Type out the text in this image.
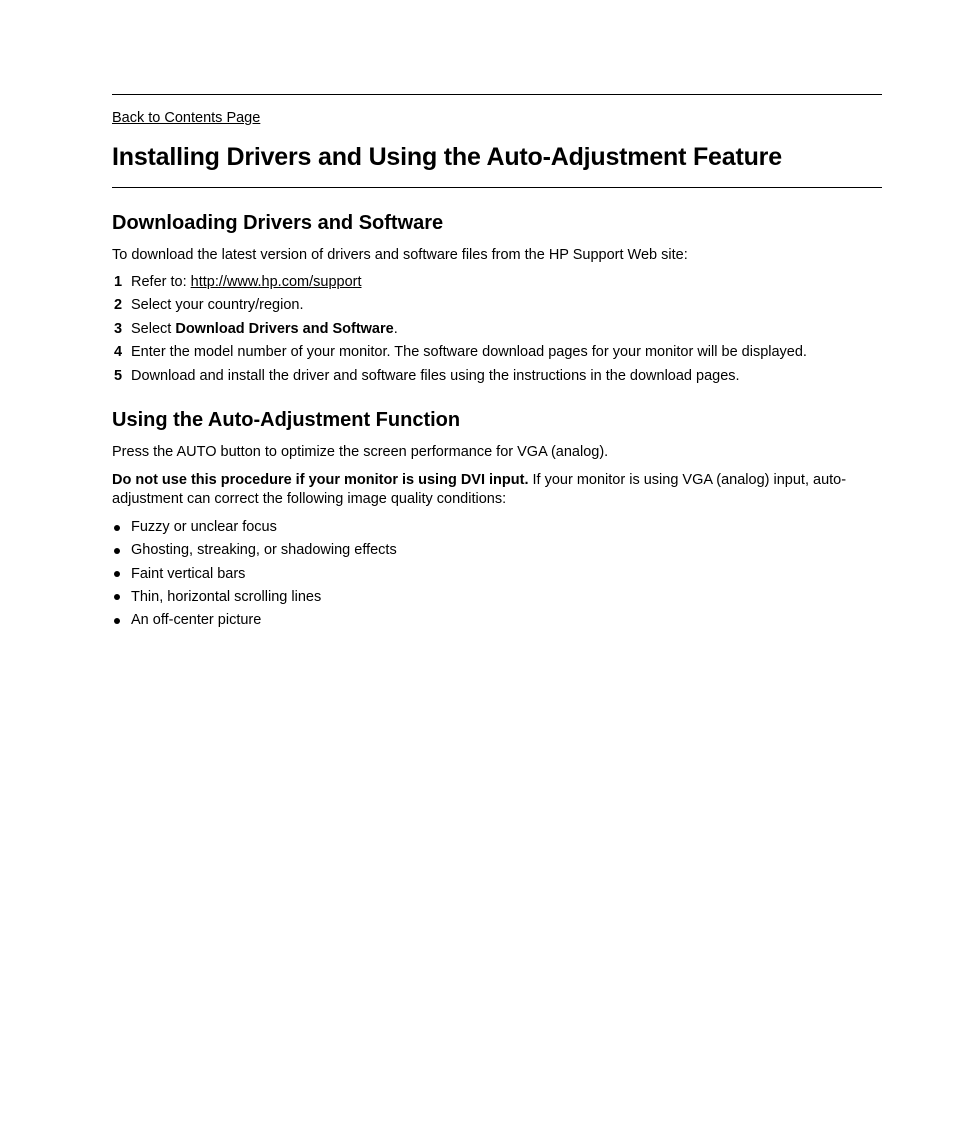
Back to Contents Page
Installing Drivers and Using the Auto-Adjustment Feature
Downloading Drivers and Software

To download the latest version of drivers and software files from the HP Support Web site:

1 Refer to: http://www.hp.com/support
2 Select your country/region.
3 Select Download Drivers and Software.
4 Enter the model number of your monitor. The software download pages for your monitor will be displayed.
5 Download and install the driver and software files using the instructions in the download pages.
Using the Auto-Adjustment Function

Press the AUTO button to optimize the screen performance for VGA (analog).

Do not use this procedure if your monitor is using DVI input. If your monitor is using VGA (analog) input, auto-adjustment can correct the following image quality conditions:

Fuzzy or unclear focus
Ghosting, streaking, or shadowing effects
Faint vertical bars
Thin, horizontal scrolling lines
An off-center picture
